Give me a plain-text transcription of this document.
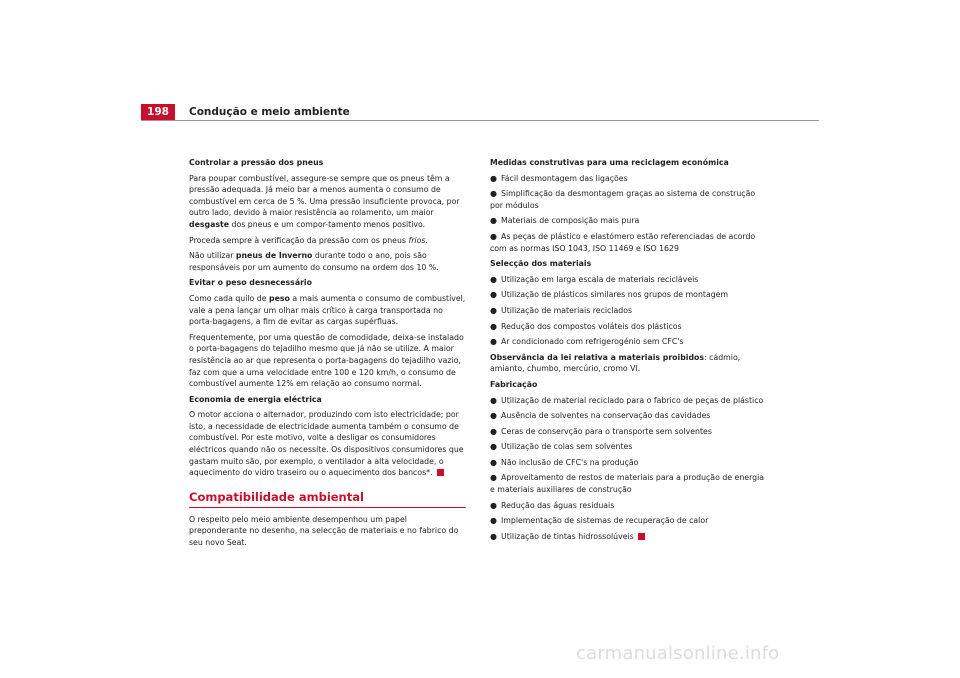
198	Condução e meio ambiente

Controlar a pressão dos pneus

Para poupar combustível, assegure-se sempre que os pneus têm a pressão adequada. Já meio bar a menos aumenta o consumo de combustível em cerca de 5 %. Uma pressão insuficiente provoca, por outro lado, devido à maior resistência ao rolamento, um maior desgaste dos pneus e um compor-tamento menos positivo.

Proceda sempre à verificação da pressão com os pneus frios.

Não utilizar pneus de Inverno durante todo o ano, pois são responsáveis por um aumento do consumo na ordem dos 10 %.

Evitar o peso desnecessário

Como cada quilo de peso a mais aumenta o consumo de combustível, vale a pena lançar um olhar mais crítico à carga transportada no porta-bagagens, a fim de evitar as cargas supérfluas.

Frequentemente, por uma questão de comodidade, deixa-se instalado o porta-bagagens do tejadilho mesmo que já não se utilize. A maior resistência ao ar que representa o porta-bagagens do tejadilho vazio, faz com que a uma velocidade entre 100 e 120 km/h, o consumo de combustível aumente 12% em relação ao consumo normal.

Economia de energia eléctrica

O motor acciona o alternador, produzindo com isto electricidade; por isto, a necessidade de electricidade aumenta também o consumo de combustível. Por este motivo, volte a desligar os consumidores eléctricos quando não os necessite. Os dispositivos consumidores que gastam muito são, por exemplo, o ventilador a alta velocidade, o aquecimento do vidro traseiro ou o aquecimento dos bancos*.

Compatibilidade ambiental

O respeito pelo meio ambiente desempenhou um papel preponderante no desenho, na selecção de materiais e no fabrico do seu novo Seat.

Medidas construtivas para uma reciclagem económica

● Fácil desmontagem das ligações

● Simplificação da desmontagem graças ao sistema de construção por módulos

● Materiais de composição mais pura

● As peças de plástico e elastómero estão referenciadas de acordo com as normas ISO 1043, ISO 11469 e ISO 1629

Selecção dos materiais

● Utilização em larga escala de materiais recicláveis

● Utilização de plásticos similares nos grupos de montagem

● Utilização de materiais reciclados

● Redução dos compostos voláteis dos plásticos

● Ar condicionado com refrigerogénio sem CFC's

Observância da lei relativa a materiais proibidos: cádmio, amianto, chumbo, mercúrio, cromo VI.

Fabricação

● Utilização de material reciclado para o fabrico de peças de plástico

● Ausência de solventes na conservação das cavidades

● Ceras de conservção para o transporte sem solventes

● Utilização de colas sem solventes

● Não inclusão de CFC's na produção

● Aproveitamento de restos de materiais para a produção de energia e materiais auxiliares de construção

● Redução das águas residuais

● Implementação de sistemas de recuperação de calor

● Utilização de tintas hidrossolúveis

carmanualsonline.info
